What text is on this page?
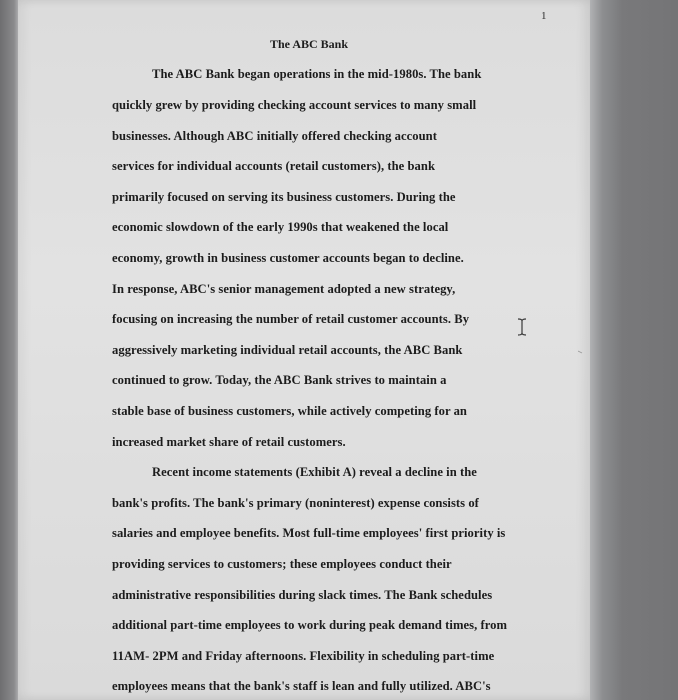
1
The ABC Bank
The ABC Bank began operations in the mid-1980s. The bank
quickly grew by providing checking account services to many small
businesses. Although ABC initially offered checking account
services for individual accounts (retail customers), the bank
primarily focused on serving its business customers. During the
economic slowdown of the early 1990s that weakened the local
economy, growth in business customer accounts began to decline.
In response, ABC's senior management adopted a new strategy,
focusing on increasing the number of retail customer accounts. By
aggressively marketing individual retail accounts, the ABC Bank
continued to grow. Today, the ABC Bank strives to maintain a
stable base of business customers, while actively competing for an
increased market share of retail customers.
Recent income statements (Exhibit A) reveal a decline in the
bank's profits. The bank's primary (noninterest) expense consists of
salaries and employee benefits. Most full-time employees' first priority is
providing services to customers; these employees conduct their
administrative responsibilities during slack times. The Bank schedules
additional part-time employees to work during peak demand times, from
11AM- 2PM and Friday afternoons. Flexibility in scheduling part-time
employees means that the bank's staff is lean and fully utilized. ABC's
